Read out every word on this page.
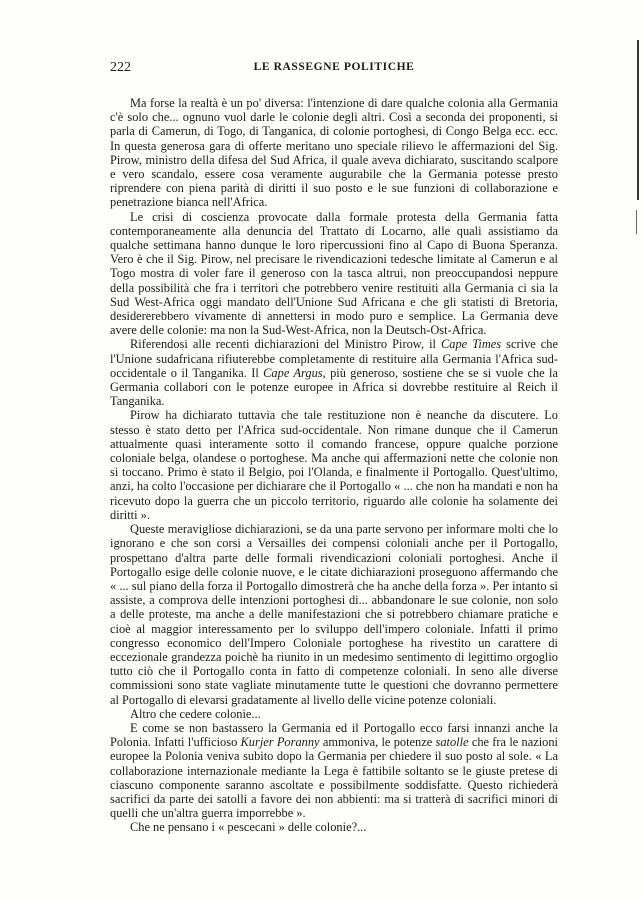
222	LE RASSEGNE POLITICHE

Ma forse la realtà è un po' diversa: l'intenzione di dare qualche colonia alla Germania c'è solo che... ognuno vuol darle le colonie degli altri. Così a seconda dei proponenti, si parla di Camerun, di Togo, di Tanganica, di colonie portoghesi, di Congo Belga ecc. ecc. In questa generosa gara di offerte meritano uno speciale rilievo le affermazioni del Sig. Pirow, ministro della difesa del Sud Africa, il quale aveva dichiarato, suscitando scalpore e vero scandalo, essere cosa veramente augurabile che la Germania potesse presto riprendere con piena parità di diritti il suo posto e le sue funzioni di collaborazione e penetrazione bianca nell'Africa.

Le crisi di coscienza provocate dalla formale protesta della Germania fatta contemporaneamente alla denuncia del Trattato di Locarno, alle quali assistiamo da qualche settimana hanno dunque le loro ripercussioni fino al Capo di Buona Speranza. Vero è che il Sig. Pirow, nel precisare le rivendicazioni tedesche limitate al Camerun e al Togo mostra di voler fare il generoso con la tasca altrui, non preoccupandosi neppure della possibilità che fra i territori che potrebbero venire restituiti alla Germania ci sia la Sud West-Africa oggi mandato dell'Unione Sud Africana e che gli statisti di Bretoria, desidererebbero vivamente di annettersi in modo puro e semplice. La Germania deve avere delle colonie: ma non la Sud-West-Africa, non la Deutsch-Ost-Africa.

Riferendosi alle recenti dichiarazioni del Ministro Pirow, il Cape Times scrive che l'Unione sudafricana rifiuterebbe completamente di restituire alla Germania l'Africa sud-occidentale o il Tanganika. Il Cape Argus, più generoso, sostiene che se si vuole che la Germania collabori con le potenze europee in Africa si dovrebbe restituire al Reich il Tanganika.

Pirow ha dichiarato tuttavia che tale restituzione non è neanche da discutere. Lo stesso è stato detto per l'Africa sud-occidentale. Non rimane dunque che il Camerun attualmente quasi interamente sotto il comando francese, oppure qualche porzione coloniale belga, olandese o portoghese. Ma anche qui affermazioni nette che colonie non si toccano. Primo è stato il Belgio, poi l'Olanda, e finalmente il Portogallo. Quest'ultimo, anzi, ha colto l'occasione per dichiarare che il Portogallo « ... che non ha mandati e non ha ricevuto dopo la guerra che un piccolo territorio, riguardo alle colonie ha solamente dei diritti ».

Queste meravigliose dichiarazioni, se da una parte servono per informare molti che lo ignorano e che son corsi a Versailles dei compensi coloniali anche per il Portogallo, prospettano d'altra parte delle formali rivendicazioni coloniali portoghesi. Anche il Portogallo esige delle colonie nuove, e le citate dichiarazioni proseguono affermando che « ... sul piano della forza il Portogallo dimostrerà che ha anche della forza ». Per intanto si assiste, a comprova delle intenzioni portoghesi di... abbandonare le sue colonie, non solo a delle proteste, ma anche a delle manifestazioni che si potrebbero chiamare pratiche e cioè al maggior interessamento per lo sviluppo dell'impero coloniale. Infatti il primo congresso economico dell'Impero Coloniale portoghese ha rivestito un carattere di eccezionale grandezza poichè ha riunito in un medesimo sentimento di legittimo orgoglio tutto ciò che il Portogallo conta in fatto di competenze coloniali. In seno alle diverse commissioni sono state vagliate minutamente tutte le questioni che dovranno permettere al Portogallo di elevarsi gradatamente al livello delle vicine potenze coloniali.

Altro che cedere colonie...

E come se non bastassero la Germania ed il Portogallo ecco farsi innanzi anche la Polonia. Infatti l'ufficioso Kurjer Poranny ammoniva, le potenze satolle che fra le nazioni europee la Polonia veniva subito dopo la Germania per chiedere il suo posto al sole. « La collaborazione internazionale mediante la Lega è fattibile soltanto se le giuste pretese di ciascuno componente saranno ascoltate e possibilmente soddisfatte. Questo richiederà sacrifici da parte dei satolli a favore dei non abbienti: ma si tratterà di sacrifici minori di quelli che un'altra guerra imporrebbe ».

Che ne pensano i « pescecani » delle colonie?...
